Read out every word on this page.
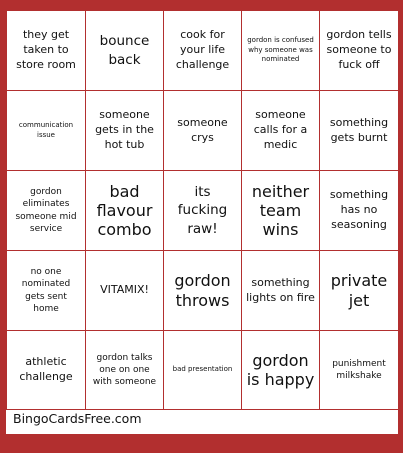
they get taken to store room
bounce back
cook for your life challenge
gordon is confused why someone was nominated
gordon tells someone to fuck off
communication issue
someone gets in the hot tub
someone crys
someone calls for a medic
something gets burnt
gordon eliminates someone mid service
bad flavour combo
its fucking raw!
neither team wins
something has no seasoning
no one nominated gets sent home
VITAMIX!	gordon throws
something lights on fire
private jet
athletic challenge
gordon talks one on one with someone
bad presentation	gordon is happy
punishment milkshake
BingoCardsFree.com
